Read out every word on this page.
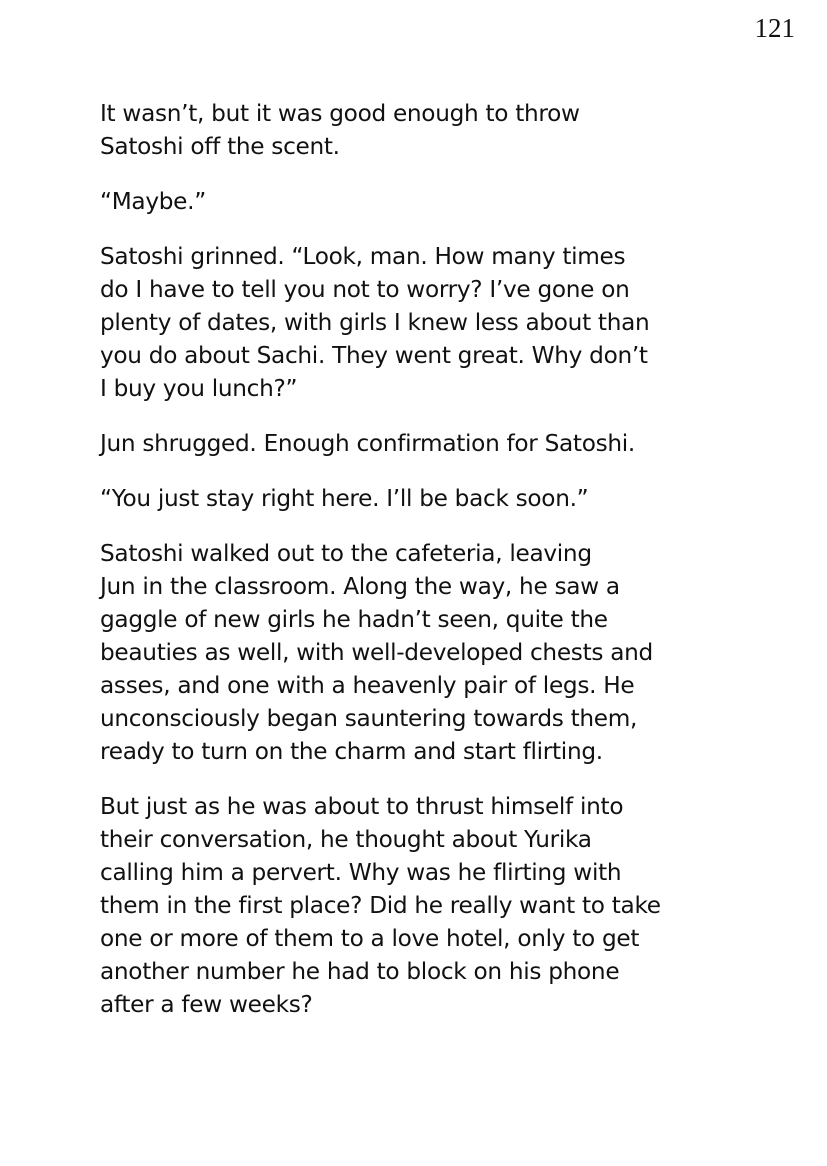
121

It wasn’t, but it was good enough to throw
Satoshi off the scent.

“Maybe.”

Satoshi grinned. “Look, man. How many times
do I have to tell you not to worry? I’ve gone on
plenty of dates, with girls I knew less about than
you do about Sachi. They went great. Why don’t
I buy you lunch?”

Jun shrugged. Enough confirmation for Satoshi.

“You just stay right here. I’ll be back soon.”

Satoshi walked out to the cafeteria, leaving
Jun in the classroom. Along the way, he saw a
gaggle of new girls he hadn’t seen, quite the
beauties as well, with well-developed chests and
asses, and one with a heavenly pair of legs. He
unconsciously began sauntering towards them,
ready to turn on the charm and start flirting.

But just as he was about to thrust himself into
their conversation, he thought about Yurika
calling him a pervert. Why was he flirting with
them in the first place? Did he really want to take
one or more of them to a love hotel, only to get
another number he had to block on his phone
after a few weeks?
